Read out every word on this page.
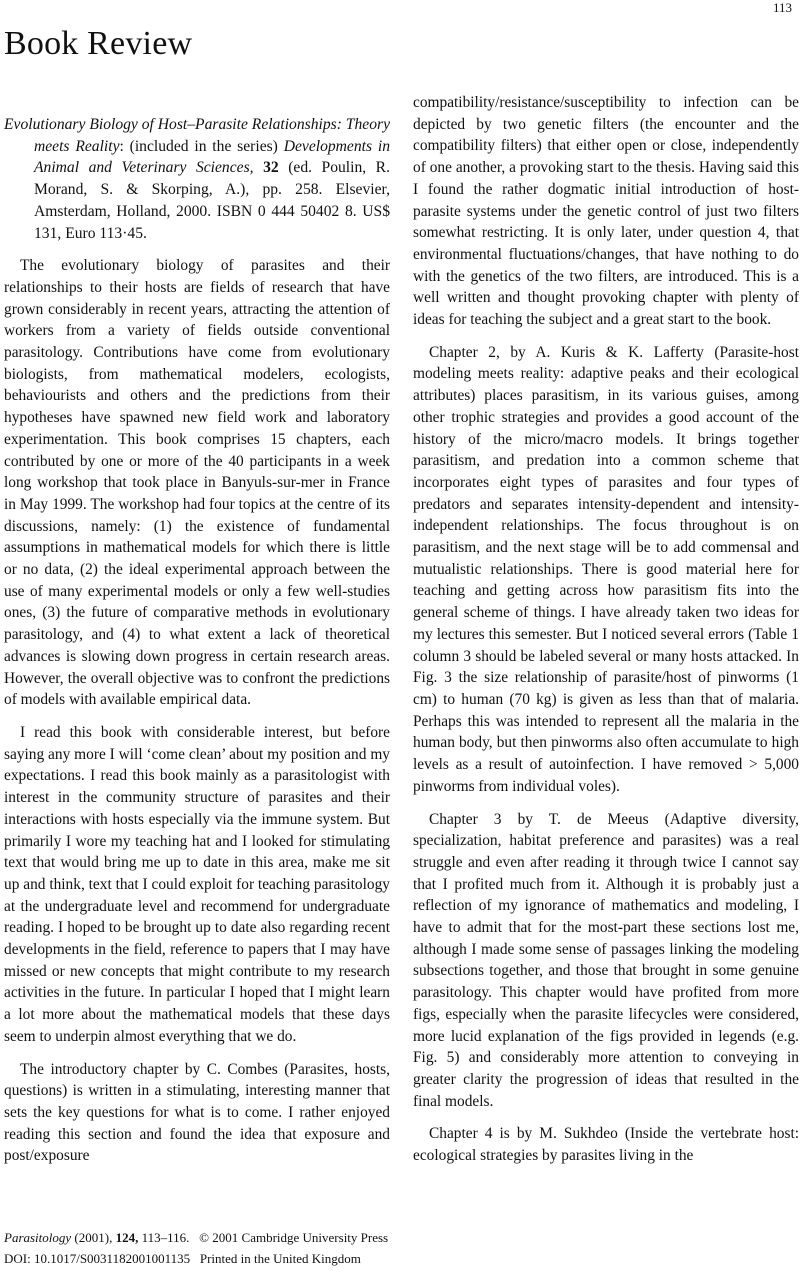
113
Book Review
Evolutionary Biology of Host–Parasite Relationships: Theory meets Reality: (included in the series) Developments in Animal and Veterinary Sciences, 32 (ed. Poulin, R. Morand, S. & Skorping, A.), pp. 258. Elsevier, Amsterdam, Holland, 2000. ISBN 0 444 50402 8. US$ 131, Euro 113·45.

The evolutionary biology of parasites and their relationships to their hosts are fields of research that have grown considerably in recent years, attracting the attention of workers from a variety of fields outside conventional parasitology. Contributions have come from evolutionary biologists, from mathematical modelers, ecologists, behaviourists and others and the predictions from their hypotheses have spawned new field work and laboratory experimentation. This book comprises 15 chapters, each contributed by one or more of the 40 participants in a week long workshop that took place in Banyuls-sur-mer in France in May 1999. The workshop had four topics at the centre of its discussions, namely: (1) the existence of fundamental assumptions in mathematical models for which there is little or no data, (2) the ideal experimental approach between the use of many experimental models or only a few well-studies ones, (3) the future of comparative methods in evolutionary parasitology, and (4) to what extent a lack of theoretical advances is slowing down progress in certain research areas. However, the overall objective was to confront the predictions of models with available empirical data.

I read this book with considerable interest, but before saying any more I will ‘come clean’ about my position and my expectations. I read this book mainly as a parasitologist with interest in the community structure of parasites and their interactions with hosts especially via the immune system. But primarily I wore my teaching hat and I looked for stimulating text that would bring me up to date in this area, make me sit up and think, text that I could exploit for teaching parasitology at the undergraduate level and recommend for undergraduate reading. I hoped to be brought up to date also regarding recent developments in the field, reference to papers that I may have missed or new concepts that might contribute to my research activities in the future. In particular I hoped that I might learn a lot more about the mathematical models that these days seem to underpin almost everything that we do.

The introductory chapter by C. Combes (Parasites, hosts, questions) is written in a stimulating, interesting manner that sets the key questions for what is to come. I rather enjoyed reading this section and found the idea that exposure and post/exposure

compatibility/resistance/susceptibility to infection can be depicted by two genetic filters (the encounter and the compatibility filters) that either open or close, independently of one another, a provoking start to the thesis. Having said this I found the rather dogmatic initial introduction of host-parasite systems under the genetic control of just two filters somewhat restricting. It is only later, under question 4, that environmental fluctuations/changes, that have nothing to do with the genetics of the two filters, are introduced. This is a well written and thought provoking chapter with plenty of ideas for teaching the subject and a great start to the book.

Chapter 2, by A. Kuris & K. Lafferty (Parasite-host modeling meets reality: adaptive peaks and their ecological attributes) places parasitism, in its various guises, among other trophic strategies and provides a good account of the history of the micro/macro models. It brings together parasitism, and predation into a common scheme that incorporates eight types of parasites and four types of predators and separates intensity-dependent and intensity-independent relationships. The focus throughout is on parasitism, and the next stage will be to add commensal and mutualistic relationships. There is good material here for teaching and getting across how parasitism fits into the general scheme of things. I have already taken two ideas for my lectures this semester. But I noticed several errors (Table 1 column 3 should be labeled several or many hosts attacked. In Fig. 3 the size relationship of parasite/host of pinworms (1 cm) to human (70 kg) is given as less than that of malaria. Perhaps this was intended to represent all the malaria in the human body, but then pinworms also often accumulate to high levels as a result of autoinfection. I have removed > 5,000 pinworms from individual voles).

Chapter 3 by T. de Meeus (Adaptive diversity, specialization, habitat preference and parasites) was a real struggle and even after reading it through twice I cannot say that I profited much from it. Although it is probably just a reflection of my ignorance of mathematics and modeling, I have to admit that for the most-part these sections lost me, although I made some sense of passages linking the modeling subsections together, and those that brought in some genuine parasitology. This chapter would have profited from more figs, especially when the parasite lifecycles were considered, more lucid explanation of the figs provided in legends (e.g. Fig. 5) and considerably more attention to conveying in greater clarity the progression of ideas that resulted in the final models.

Chapter 4 is by M. Sukhdeo (Inside the vertebrate host: ecological strategies by parasites living in the

Parasitology (2001), 124, 113–116. © 2001 Cambridge University Press
DOI: 10.1017/S0031182001001135 Printed in the United Kingdom
